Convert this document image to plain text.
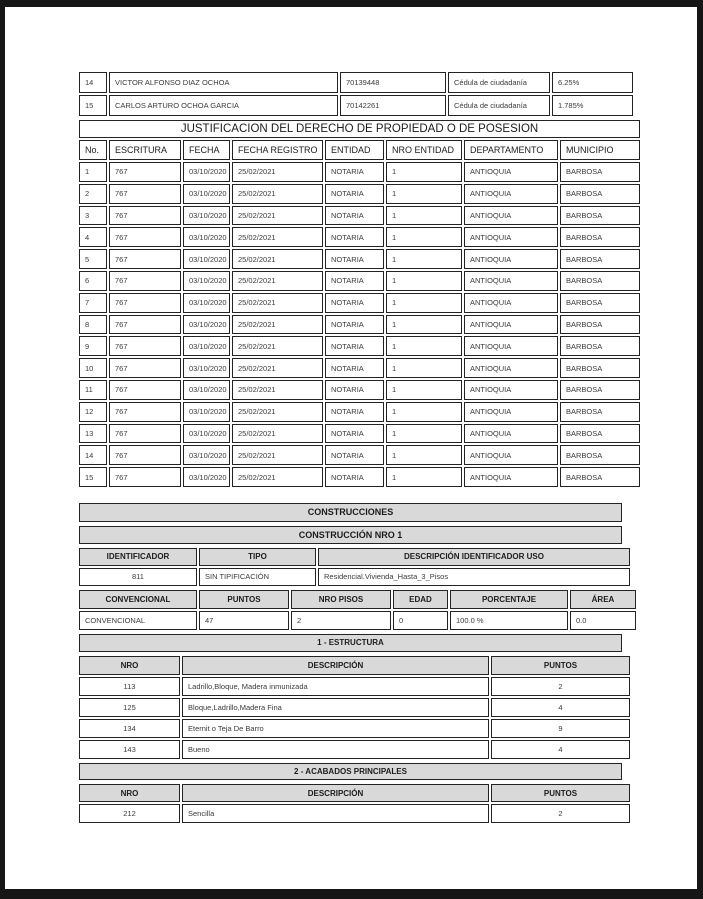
14	VICTOR ALFONSO DIAZ OCHOA	70139448	Cédula de ciudadanía	6.25%
15	CARLOS ARTURO OCHOA GARCIA	70142261	Cédula de ciudadanía	1.785%
JUSTIFICACION DEL DERECHO DE PROPIEDAD O DE POSESION							
No.	ESCRITURA	FECHA	FECHA REGISTRO	ENTIDAD	NRO ENTIDAD	DEPARTAMENTO	MUNICIPIO
1	767	03/10/2020	25/02/2021	NOTARIA	1	ANTIOQUIA	BARBOSA
2	767	03/10/2020	25/02/2021	NOTARIA	1	ANTIOQUIA	BARBOSA
3	767	03/10/2020	25/02/2021	NOTARIA	1	ANTIOQUIA	BARBOSA
4	767	03/10/2020	25/02/2021	NOTARIA	1	ANTIOQUIA	BARBOSA
5	767	03/10/2020	25/02/2021	NOTARIA	1	ANTIOQUIA	BARBOSA
6	767	03/10/2020	25/02/2021	NOTARIA	1	ANTIOQUIA	BARBOSA
7	767	03/10/2020	25/02/2021	NOTARIA	1	ANTIOQUIA	BARBOSA
8	767	03/10/2020	25/02/2021	NOTARIA	1	ANTIOQUIA	BARBOSA
9	767	03/10/2020	25/02/2021	NOTARIA	1	ANTIOQUIA	BARBOSA
10	767	03/10/2020	25/02/2021	NOTARIA	1	ANTIOQUIA	BARBOSA
11	767	03/10/2020	25/02/2021	NOTARIA	1	ANTIOQUIA	BARBOSA
12	767	03/10/2020	25/02/2021	NOTARIA	1	ANTIOQUIA	BARBOSA
13	767	03/10/2020	25/02/2021	NOTARIA	1	ANTIOQUIA	BARBOSA
14	767	03/10/2020	25/02/2021	NOTARIA	1	ANTIOQUIA	BARBOSA
15	767	03/10/2020	25/02/2021	NOTARIA	1	ANTIOQUIA	BARBOSA
CONSTRUCCIONES
CONSTRUCCIÓN NRO 1
IDENTIFICADOR	TIPO	DESCRIPCIÓN IDENTIFICADOR USO
811	SIN TIPIFICACIÓN	Residencial.Vivienda_Hasta_3_Pisos
CONVENCIONAL	PUNTOS	NRO PISOS	EDAD	PORCENTAJE	ÁREA
CONVENCIONAL	47	2	0	100.0 %	0.0
1 - ESTRUCTURA
NRO	DESCRIPCIÓN	PUNTOS
113	Ladrillo,Bloque, Madera inmunizada	2
125	Bloque,Ladrillo,Madera Fina	4
134	Eternit o Teja De Barro	9
143	Bueno	4
2 - ACABADOS PRINCIPALES
NRO	DESCRIPCIÓN	PUNTOS
212	Sencilla	2
